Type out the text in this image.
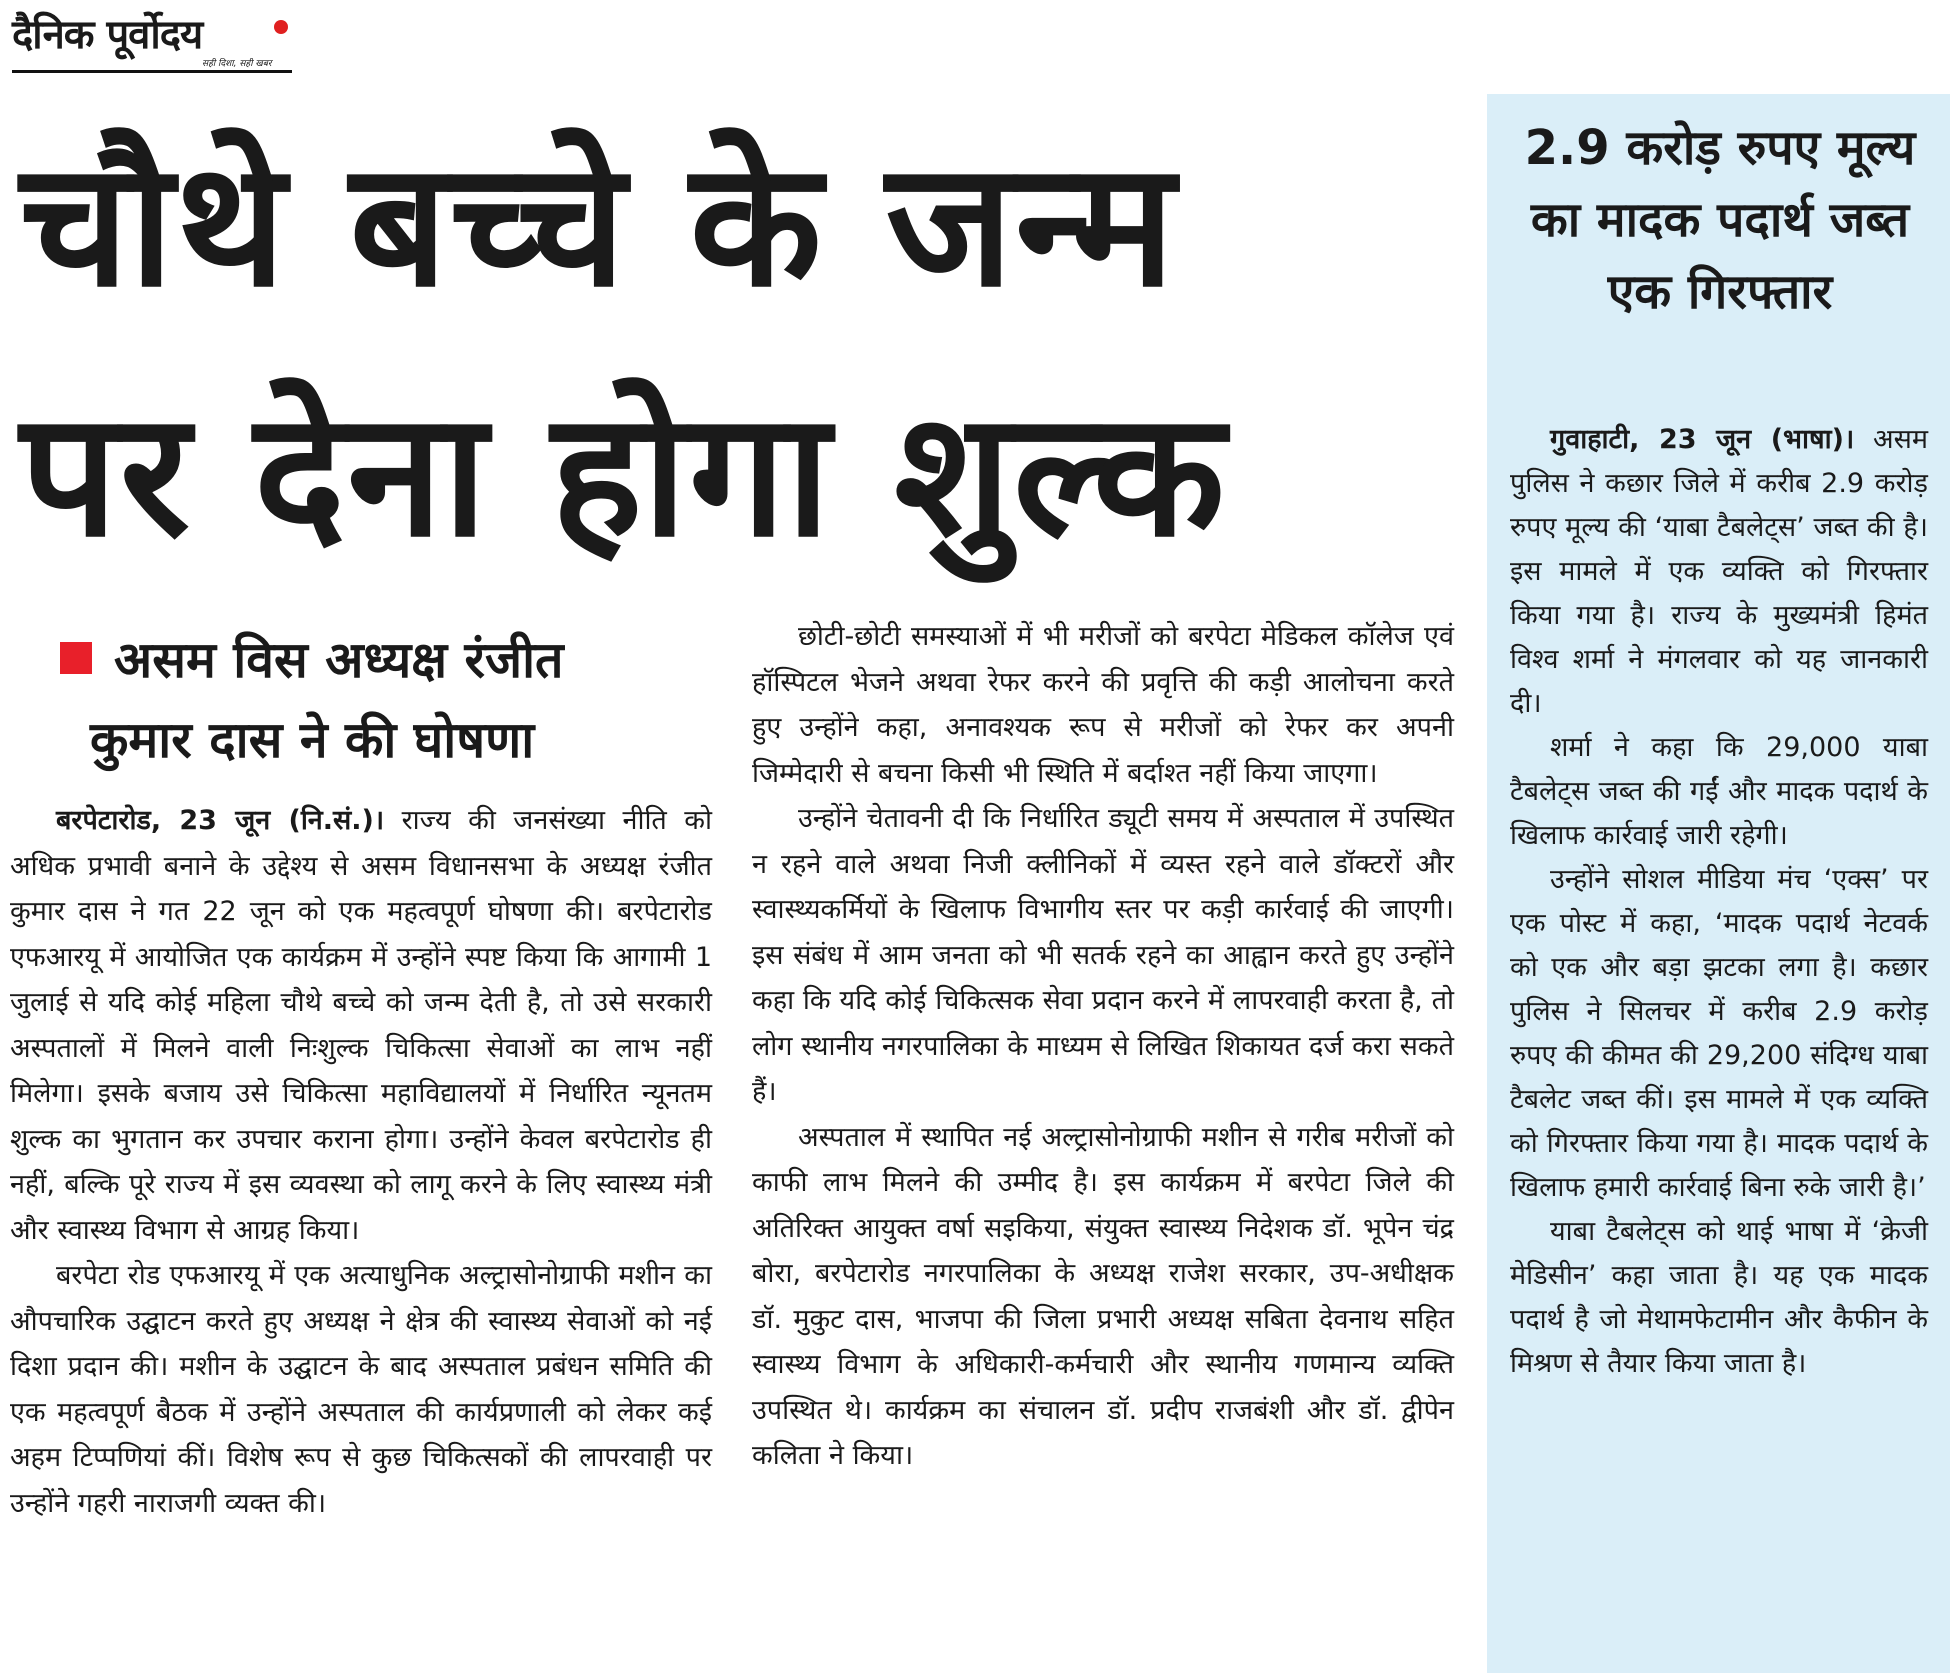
दैनिक पूर्वोदय
सही दिशा, सही खबर
चौथे बच्चे के जन्म
पर देना होगा शुल्क
असम विस अध्यक्ष रंजीत
कुमार दास ने की घोषणा

बरपेटारोड, 23 जून (नि.सं.)। राज्य की जनसंख्या नीति को अधिक प्रभावी बनाने के उद्देश्य से असम विधानसभा के अध्यक्ष रंजीत कुमार दास ने गत 22 जून को एक महत्वपूर्ण घोषणा की। बरपेटारोड एफआरयू में आयोजित एक कार्यक्रम में उन्होंने स्पष्ट किया कि आगामी 1 जुलाई से यदि कोई महिला चौथे बच्चे को जन्म देती है, तो उसे सरकारी अस्पतालों में मिलने वाली निःशुल्क चिकित्सा सेवाओं का लाभ नहीं मिलेगा। इसके बजाय उसे चिकित्सा महाविद्यालयों में निर्धारित न्यूनतम शुल्क का भुगतान कर उपचार कराना होगा। उन्होंने केवल बरपेटारोड ही नहीं, बल्कि पूरे राज्य में इस व्यवस्था को लागू करने के लिए स्वास्थ्य मंत्री और स्वास्थ्य विभाग से आग्रह किया।

बरपेटा रोड एफआरयू में एक अत्याधुनिक अल्ट्रासोनोग्राफी मशीन का औपचारिक उद्घाटन करते हुए अध्यक्ष ने क्षेत्र की स्वास्थ्य सेवाओं को नई दिशा प्रदान की। मशीन के उद्घाटन के बाद अस्पताल प्रबंधन समिति की एक महत्वपूर्ण बैठक में उन्होंने अस्पताल की कार्यप्रणाली को लेकर कई अहम टिप्पणियां कीं। विशेष रूप से कुछ चिकित्सकों की लापरवाही पर उन्होंने गहरी नाराजगी व्यक्त की।

छोटी-छोटी समस्याओं में भी मरीजों को बरपेटा मेडिकल कॉलेज एवं हॉस्पिटल भेजने अथवा रेफर करने की प्रवृत्ति की कड़ी आलोचना करते हुए उन्होंने कहा, अनावश्यक रूप से मरीजों को रेफर कर अपनी जिम्मेदारी से बचना किसी भी स्थिति में बर्दाश्त नहीं किया जाएगा।

उन्होंने चेतावनी दी कि निर्धारित ड्यूटी समय में अस्पताल में उपस्थित न रहने वाले अथवा निजी क्लीनिकों में व्यस्त रहने वाले डॉक्टरों और स्वास्थ्यकर्मियों के खिलाफ विभागीय स्तर पर कड़ी कार्रवाई की जाएगी। इस संबंध में आम जनता को भी सतर्क रहने का आह्वान करते हुए उन्होंने कहा कि यदि कोई चिकित्सक सेवा प्रदान करने में लापरवाही करता है, तो लोग स्थानीय नगरपालिका के माध्यम से लिखित शिकायत दर्ज करा सकते हैं।

अस्पताल में स्थापित नई अल्ट्रासोनोग्राफी मशीन से गरीब मरीजों को काफी लाभ मिलने की उम्मीद है। इस कार्यक्रम में बरपेटा जिले की अतिरिक्त आयुक्त वर्षा सइकिया, संयुक्त स्वास्थ्य निदेशक डॉ. भूपेन चंद्र बोरा, बरपेटारोड नगरपालिका के अध्यक्ष राजेश सरकार, उप-अधीक्षक डॉ. मुकुट दास, भाजपा की जिला प्रभारी अध्यक्ष सबिता देवनाथ सहित स्वास्थ्य विभाग के अधिकारी-कर्मचारी और स्थानीय गणमान्य व्यक्ति उपस्थित थे। कार्यक्रम का संचालन डॉ. प्रदीप राजबंशी और डॉ. द्वीपेन कलिता ने किया।

2.9 करोड़ रुपए मूल्य का मादक पदार्थ जब्त एक गिरफ्तार

गुवाहाटी, 23 जून (भाषा)। असम पुलिस ने कछार जिले में करीब 2.9 करोड़ रुपए मूल्य की ‘याबा टैबलेट्स’ जब्त की है। इस मामले में एक व्यक्ति को गिरफ्तार किया गया है। राज्य के मुख्यमंत्री हिमंत विश्व शर्मा ने मंगलवार को यह जानकारी दी।

शर्मा ने कहा कि 29,000 याबा टैबलेट्स जब्त की गईं और मादक पदार्थ के खिलाफ कार्रवाई जारी रहेगी।

उन्होंने सोशल मीडिया मंच ‘एक्स’ पर एक पोस्ट में कहा, ‘मादक पदार्थ नेटवर्क को एक और बड़ा झटका लगा है। कछार पुलिस ने सिलचर में करीब 2.9 करोड़ रुपए की कीमत की 29,200 संदिग्ध याबा टैबलेट जब्त कीं। इस मामले में एक व्यक्ति को गिरफ्तार किया गया है। मादक पदार्थ के खिलाफ हमारी कार्रवाई बिना रुके जारी है।’

याबा टैबलेट्स को थाई भाषा में ‘क्रेजी मेडिसीन’ कहा जाता है। यह एक मादक पदार्थ है जो मेथामफेटामीन और कैफीन के मिश्रण से तैयार किया जाता है।
